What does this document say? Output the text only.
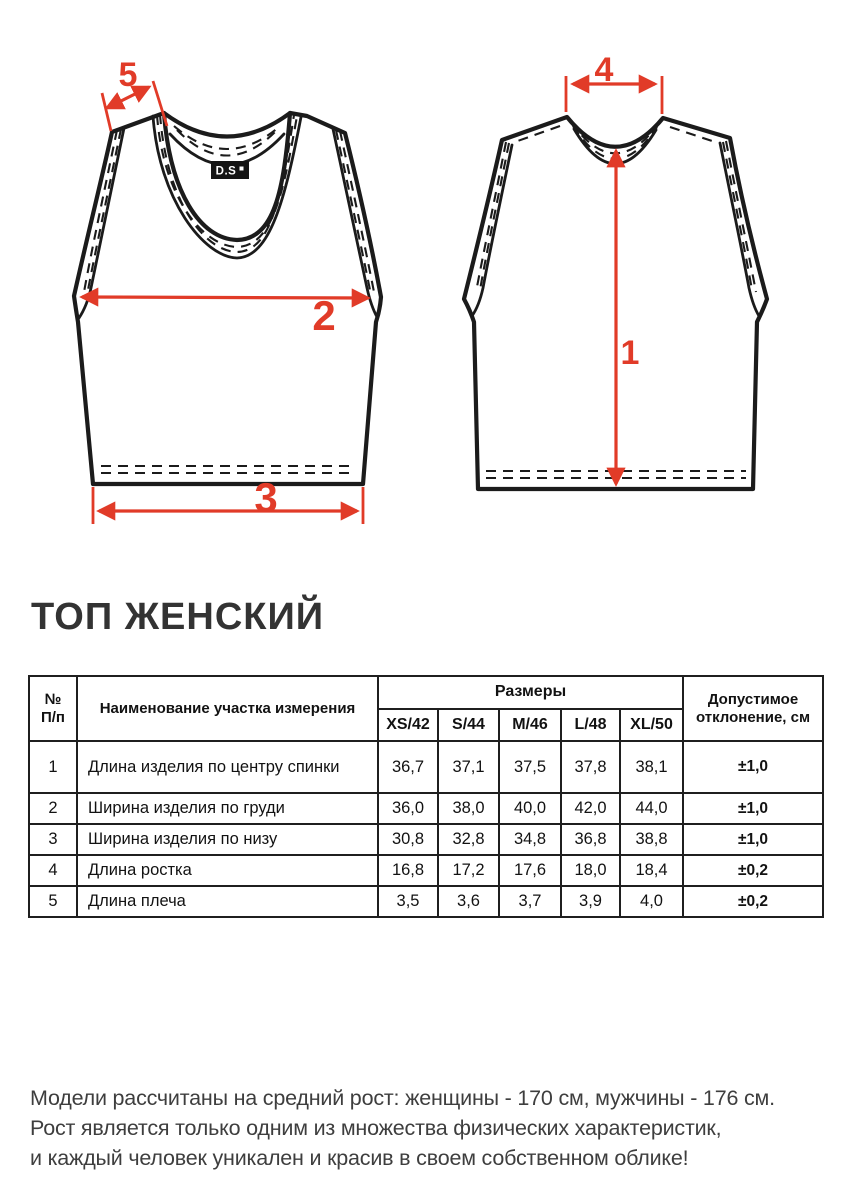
D.S
5
2
3
4
1
ТОП ЖЕНСКИЙ
№
П/п	Наименование участка измерения	Размеры					Допустимое отклонение, см
		XS/42	S/44	M/46	L/48	XL/50	
1	Длина изделия по центру спинки	36,7	37,1	37,5	37,8	38,1	±1,0
2	Ширина изделия по груди	36,0	38,0	40,0	42,0	44,0	±1,0
3	Ширина изделия по низу	30,8	32,8	34,8	36,8	38,8	±1,0
4	Длина ростка	16,8	17,2	17,6	18,0	18,4	±0,2
5	Длина плеча	3,5	3,6	3,7	3,9	4,0	±0,2
Модели рассчитаны на средний рост: женщины - 170 см, мужчины - 176 см.
Рост является только одним из множества физических характеристик,
и каждый человек уникален и красив в своем собственном облике!
